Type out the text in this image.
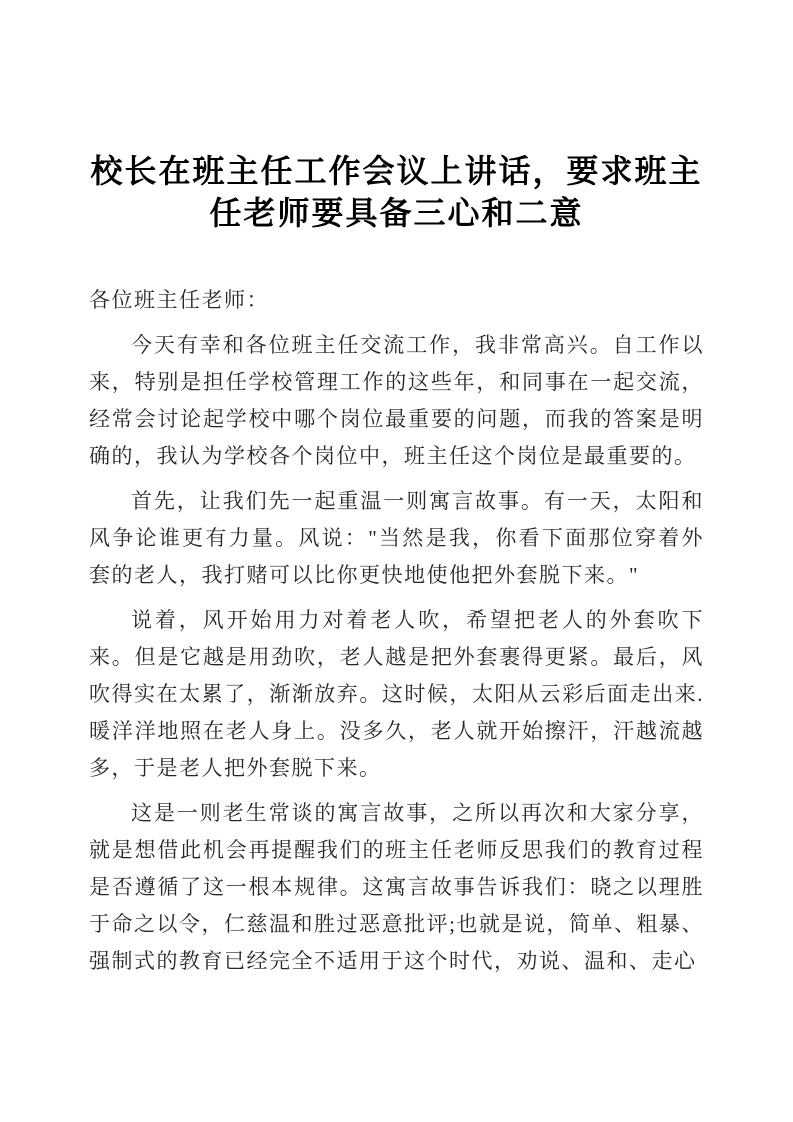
校长在班主任工作会议上讲话，要求班主任老师要具备三心和二意

各位班主任老师：

今天有幸和各位班主任交流工作，我非常高兴。自工作以来，特别是担任学校管理工作的这些年，和同事在一起交流，经常会讨论起学校中哪个岗位最重要的问题，而我的答案是明确的，我认为学校各个岗位中，班主任这个岗位是最重要的。

首先，让我们先一起重温一则寓言故事。有一天，太阳和风争论谁更有力量。风说："当然是我，你看下面那位穿着外套的老人，我打赌可以比你更快地使他把外套脱下来。"

说着，风开始用力对着老人吹，希望把老人的外套吹下来。但是它越是用劲吹，老人越是把外套裹得更紧。最后，风吹得实在太累了，渐渐放弃。这时候，太阳从云彩后面走出来.暖洋洋地照在老人身上。没多久，老人就开始擦汗，汗越流越多，于是老人把外套脱下来。

这是一则老生常谈的寓言故事，之所以再次和大家分享，就是想借此机会再提醒我们的班主任老师反思我们的教育过程是否遵循了这一根本规律。这寓言故事告诉我们：晓之以理胜于命之以令，仁慈温和胜过恶意批评;也就是说，简单、粗暴、强制式的教育已经完全不适用于这个时代，劝说、温和、走心
